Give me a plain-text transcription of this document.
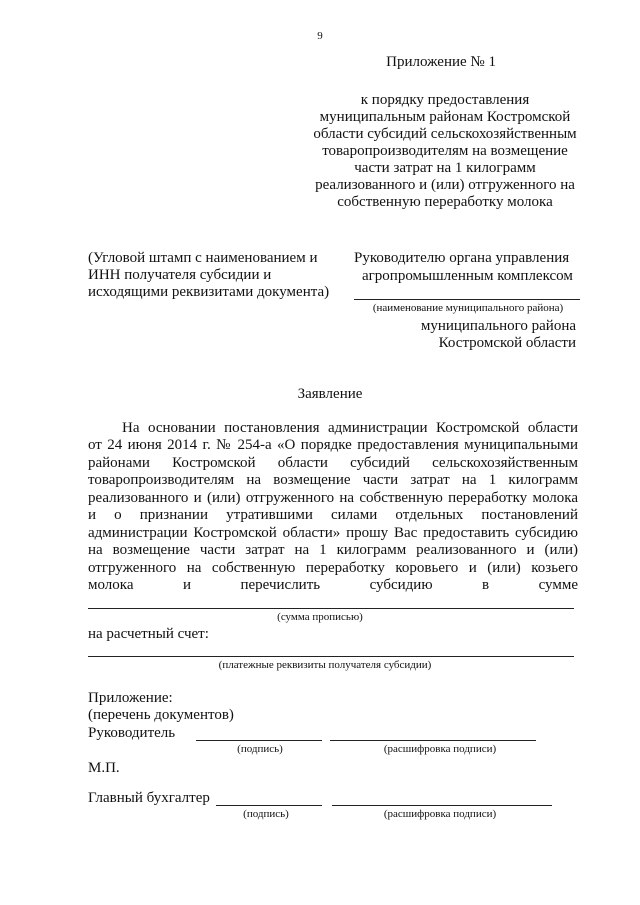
9
Приложение № 1
к порядку предоставления
муниципальным районам Костромской
области субсидий сельскохозяйственным
товаропроизводителям на возмещение
части затрат на 1 килограмм
реализованного и (или) отгруженного на
собственную переработку молока
(Угловой штамп с наименованием и
ИНН получателя субсидии и
исходящими реквизитами документа)
Руководителю органа управления
агропромышленным комплексом
(наименование муниципального района)
муниципального района
Костромской области
Заявление
На основании постановления администрации Костромской области
от 24 июня 2014 г. № 254-а «О порядке предоставления муниципальными
районами Костромской области субсидий сельскохозяйственным
товаропроизводителям на возмещение части затрат на 1 килограмм
реализованного и (или) отгруженного на собственную переработку молока
и о признании утратившими силами отдельных постановлений
администрации Костромской области» прошу Вас предоставить субсидию
на возмещение части затрат на 1 килограмм реализованного и (или)
отгруженного на собственную переработку коровьего и (или) козьего
молока и перечислить субсидию в сумме
(сумма прописью)
на расчетный счет:
(платежные реквизиты получателя субсидии)
Приложение:
(перечень документов)
Руководитель
(подпись)	(расшифровка подписи)
М.П.
Главный бухгалтер
(подпись)	(расшифровка подписи)
